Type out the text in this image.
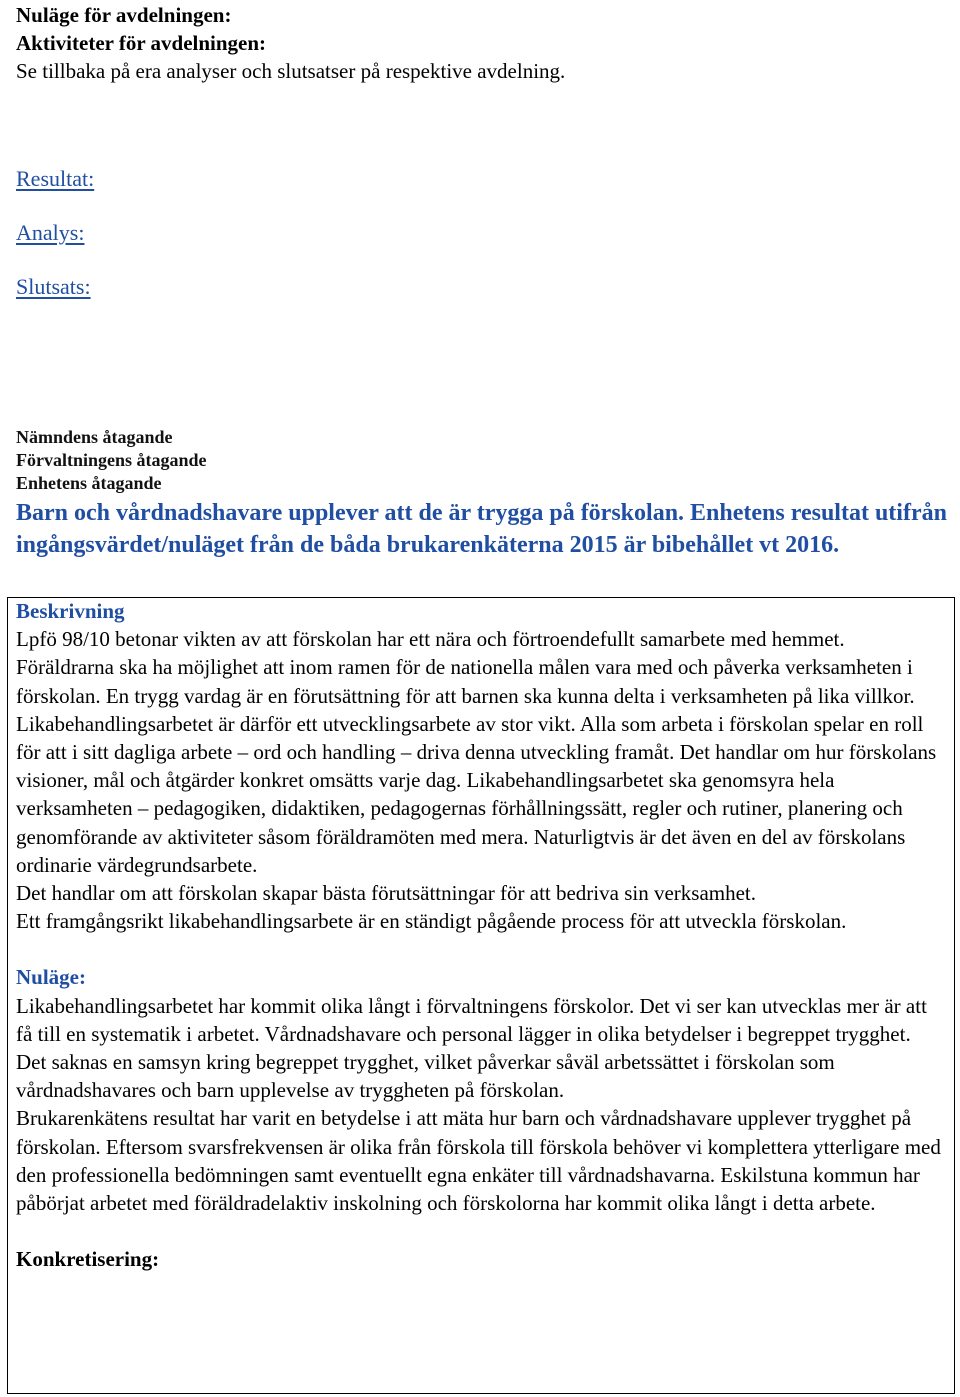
Nuläge för avdelningen:
Aktiviteter för avdelningen:
Se tillbaka på era analyser och slutsatser på respektive avdelning.
Resultat:
Analys:
Slutsats:
Nämndens åtagande
Förvaltningens åtagande
Enhetens åtagande
Barn och vårdnadshavare upplever att de är trygga på förskolan. Enhetens resultat utifrån ingångsvärdet/nuläget från de båda brukarenkäterna 2015 är bibehållet vt 2016.

Beskrivning

Lpfö 98/10 betonar vikten av att förskolan har ett nära och förtroendefullt samarbete med hemmet. Föräldrarna ska ha möjlighet att inom ramen för de nationella målen vara med och påverka verksamheten i förskolan. En trygg vardag är en förutsättning för att barnen ska kunna delta i verksamheten på lika villkor. Likabehandlingsarbetet är därför ett utvecklingsarbete av stor vikt. Alla som arbeta i förskolan spelar en roll för att i sitt dagliga arbete – ord och handling – driva denna utveckling framåt. Det handlar om hur förskolans visioner, mål och åtgärder konkret omsätts varje dag. Likabehandlingsarbetet ska genomsyra hela verksamheten – pedagogiken, didaktiken, pedagogernas förhållningssätt, regler och rutiner, planering och genomförande av aktiviteter såsom föräldramöten med mera. Naturligtvis är det även en del av förskolans ordinarie värdegrundsarbete.

Det handlar om att förskolan skapar bästa förutsättningar för att bedriva sin verksamhet.

Ett framgångsrikt likabehandlingsarbete är en ständigt pågående process för att utveckla förskolan.

Nuläge:

Likabehandlingsarbetet har kommit olika långt i förvaltningens förskolor. Det vi ser kan utvecklas mer är att få till en systematik i arbetet. Vårdnadshavare och personal lägger in olika betydelser i begreppet trygghet. Det saknas en samsyn kring begreppet trygghet, vilket påverkar såväl arbetssättet i förskolan som vårdnadshavares och barn upplevelse av tryggheten på förskolan.

Brukarenkätens resultat har varit en betydelse i att mäta hur barn och vårdnadshavare upplever trygghet på förskolan. Eftersom svarsfrekvensen är olika från förskola till förskola behöver vi komplettera ytterligare med den professionella bedömningen samt eventuellt egna enkäter till vårdnadshavarna. Eskilstuna kommun har påbörjat arbetet med föräldradelaktiv inskolning och förskolorna har kommit olika långt i detta arbete.

Konkretisering:
